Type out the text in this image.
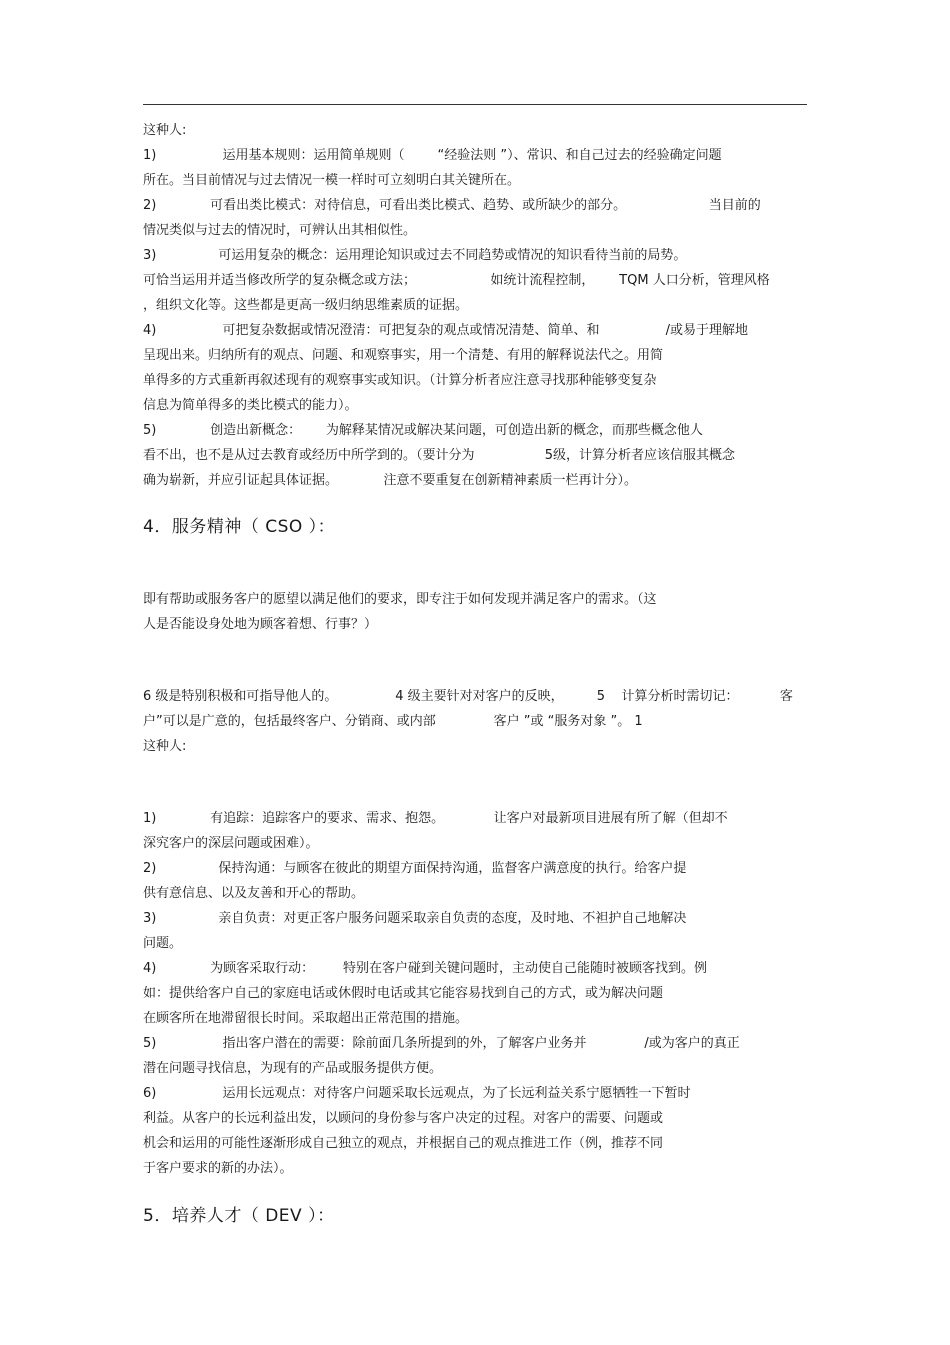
这种人:
1)                运用基本规则：运用简单规则（        “经验法则 ”）、常识、和自己过去的经验确定问题
所在。当目前情况与过去情况一模一样时可立刻明白其关键所在。
2)             可看出类比模式：对待信息，可看出类比模式、趋势、或所缺少的部分。                    当目前的
情况类似与过去的情况时，可辨认出其相似性。
3)               可运用复杂的概念：运用理论知识或过去不同趋势或情况的知识看待当前的局势。
可恰当运用并适当修改所学的复杂概念或方法；                  如统计流程控制，      TQM 人口分析，管理风格
，组织文化等。这些都是更高一级归纳思维素质的证据。
4)                可把复杂数据或情况澄清：可把复杂的观点或情况清楚、简单、和                /或易于理解地
呈现出来。归纳所有的观点、问题、和观察事实，用一个清楚、有用的解释说法代之。用简
单得多的方式重新再叙述现有的观察事实或知识。（计算分析者应注意寻找那种能够变复杂
信息为简单得多的类比模式的能力）。
5)             创造出新概念：      为解释某情况或解决某问题，可创造出新的概念，而那些概念他人
看不出，也不是从过去教育或经历中所学到的。（要计分为                 5级，计算分析者应该信服其概念
确为崭新，并应引证起具体证据。           注意不要重复在创新精神素质一栏再计分）。
4．服务精神（ CSO ）：
即有帮助或服务客户的愿望以满足他们的要求，即专注于如何发现并满足客户的需求。（这
人是否能设身处地为顾客着想、行事？）
6 级是特别积极和可指导他人的。              4 级主要针对对客户的反映，        5    计算分析时需切记：          客
户”可以是广意的，包括最终客户、分销商、或内部              客户 ”或 “服务对象 ”。 1
这种人:
1)             有追踪：追踪客户的要求、需求、抱怨。            让客户对最新项目进展有所了解（但却不
深究客户的深层问题或困难）。
2)               保持沟通：与顾客在彼此的期望方面保持沟通，监督客户满意度的执行。给客户提
供有意信息、以及友善和开心的帮助。
3)               亲自负责：对更正客户服务问题采取亲自负责的态度，及时地、不袒护自己地解决
问题。
4)             为顾客采取行动：       特别在客户碰到关键问题时，主动使自己能随时被顾客找到。例
如：提供给客户自己的家庭电话或休假时电话或其它能容易找到自己的方式，或为解决问题
在顾客所在地滞留很长时间。采取超出正常范围的措施。
5)                指出客户潜在的需要：除前面几条所提到的外，了解客户业务并              /或为客户的真正
潜在问题寻找信息，为现有的产品或服务提供方便。
6)                运用长远观点：对待客户问题采取长远观点，为了长远利益关系宁愿牺牲一下暂时
利益。从客户的长远利益出发，以顾问的身份参与客户决定的过程。对客户的需要、问题或
机会和运用的可能性逐渐形成自己独立的观点，并根据自己的观点推进工作（例，推荐不同
于客户要求的新的办法）。
5．培养人才（ DEV ）：
